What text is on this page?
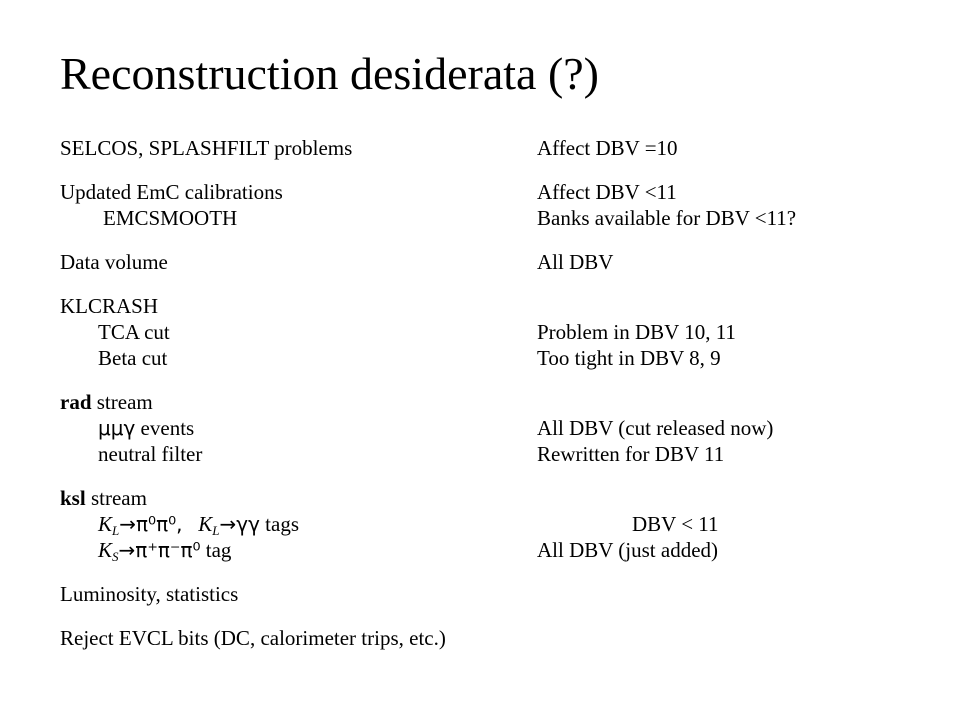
Reconstruction desiderata (?)
SELCOS, SPLASHFILT problems	Affect DBV =10
Updated EmC calibrations	Affect DBV <11
EMCSMOOTH	Banks available for DBV <11?
Data volume	All DBV
KLCRASH
TCA cut	Problem in DBV 10, 11
Beta cut	Too tight in DBV 8, 9
rad stream
μμγ events	All DBV (cut released now)
neutral filter	Rewritten for DBV 11
ksl stream
$K_L\to\pi^0\pi^0$, $K_L\to\gamma\gamma$ tags	DBV < 11
$K_S\to\pi^+\pi^-\pi^0$ tag	All DBV (just added)
Luminosity, statistics
Reject EVCL bits (DC, calorimeter trips, etc.)
